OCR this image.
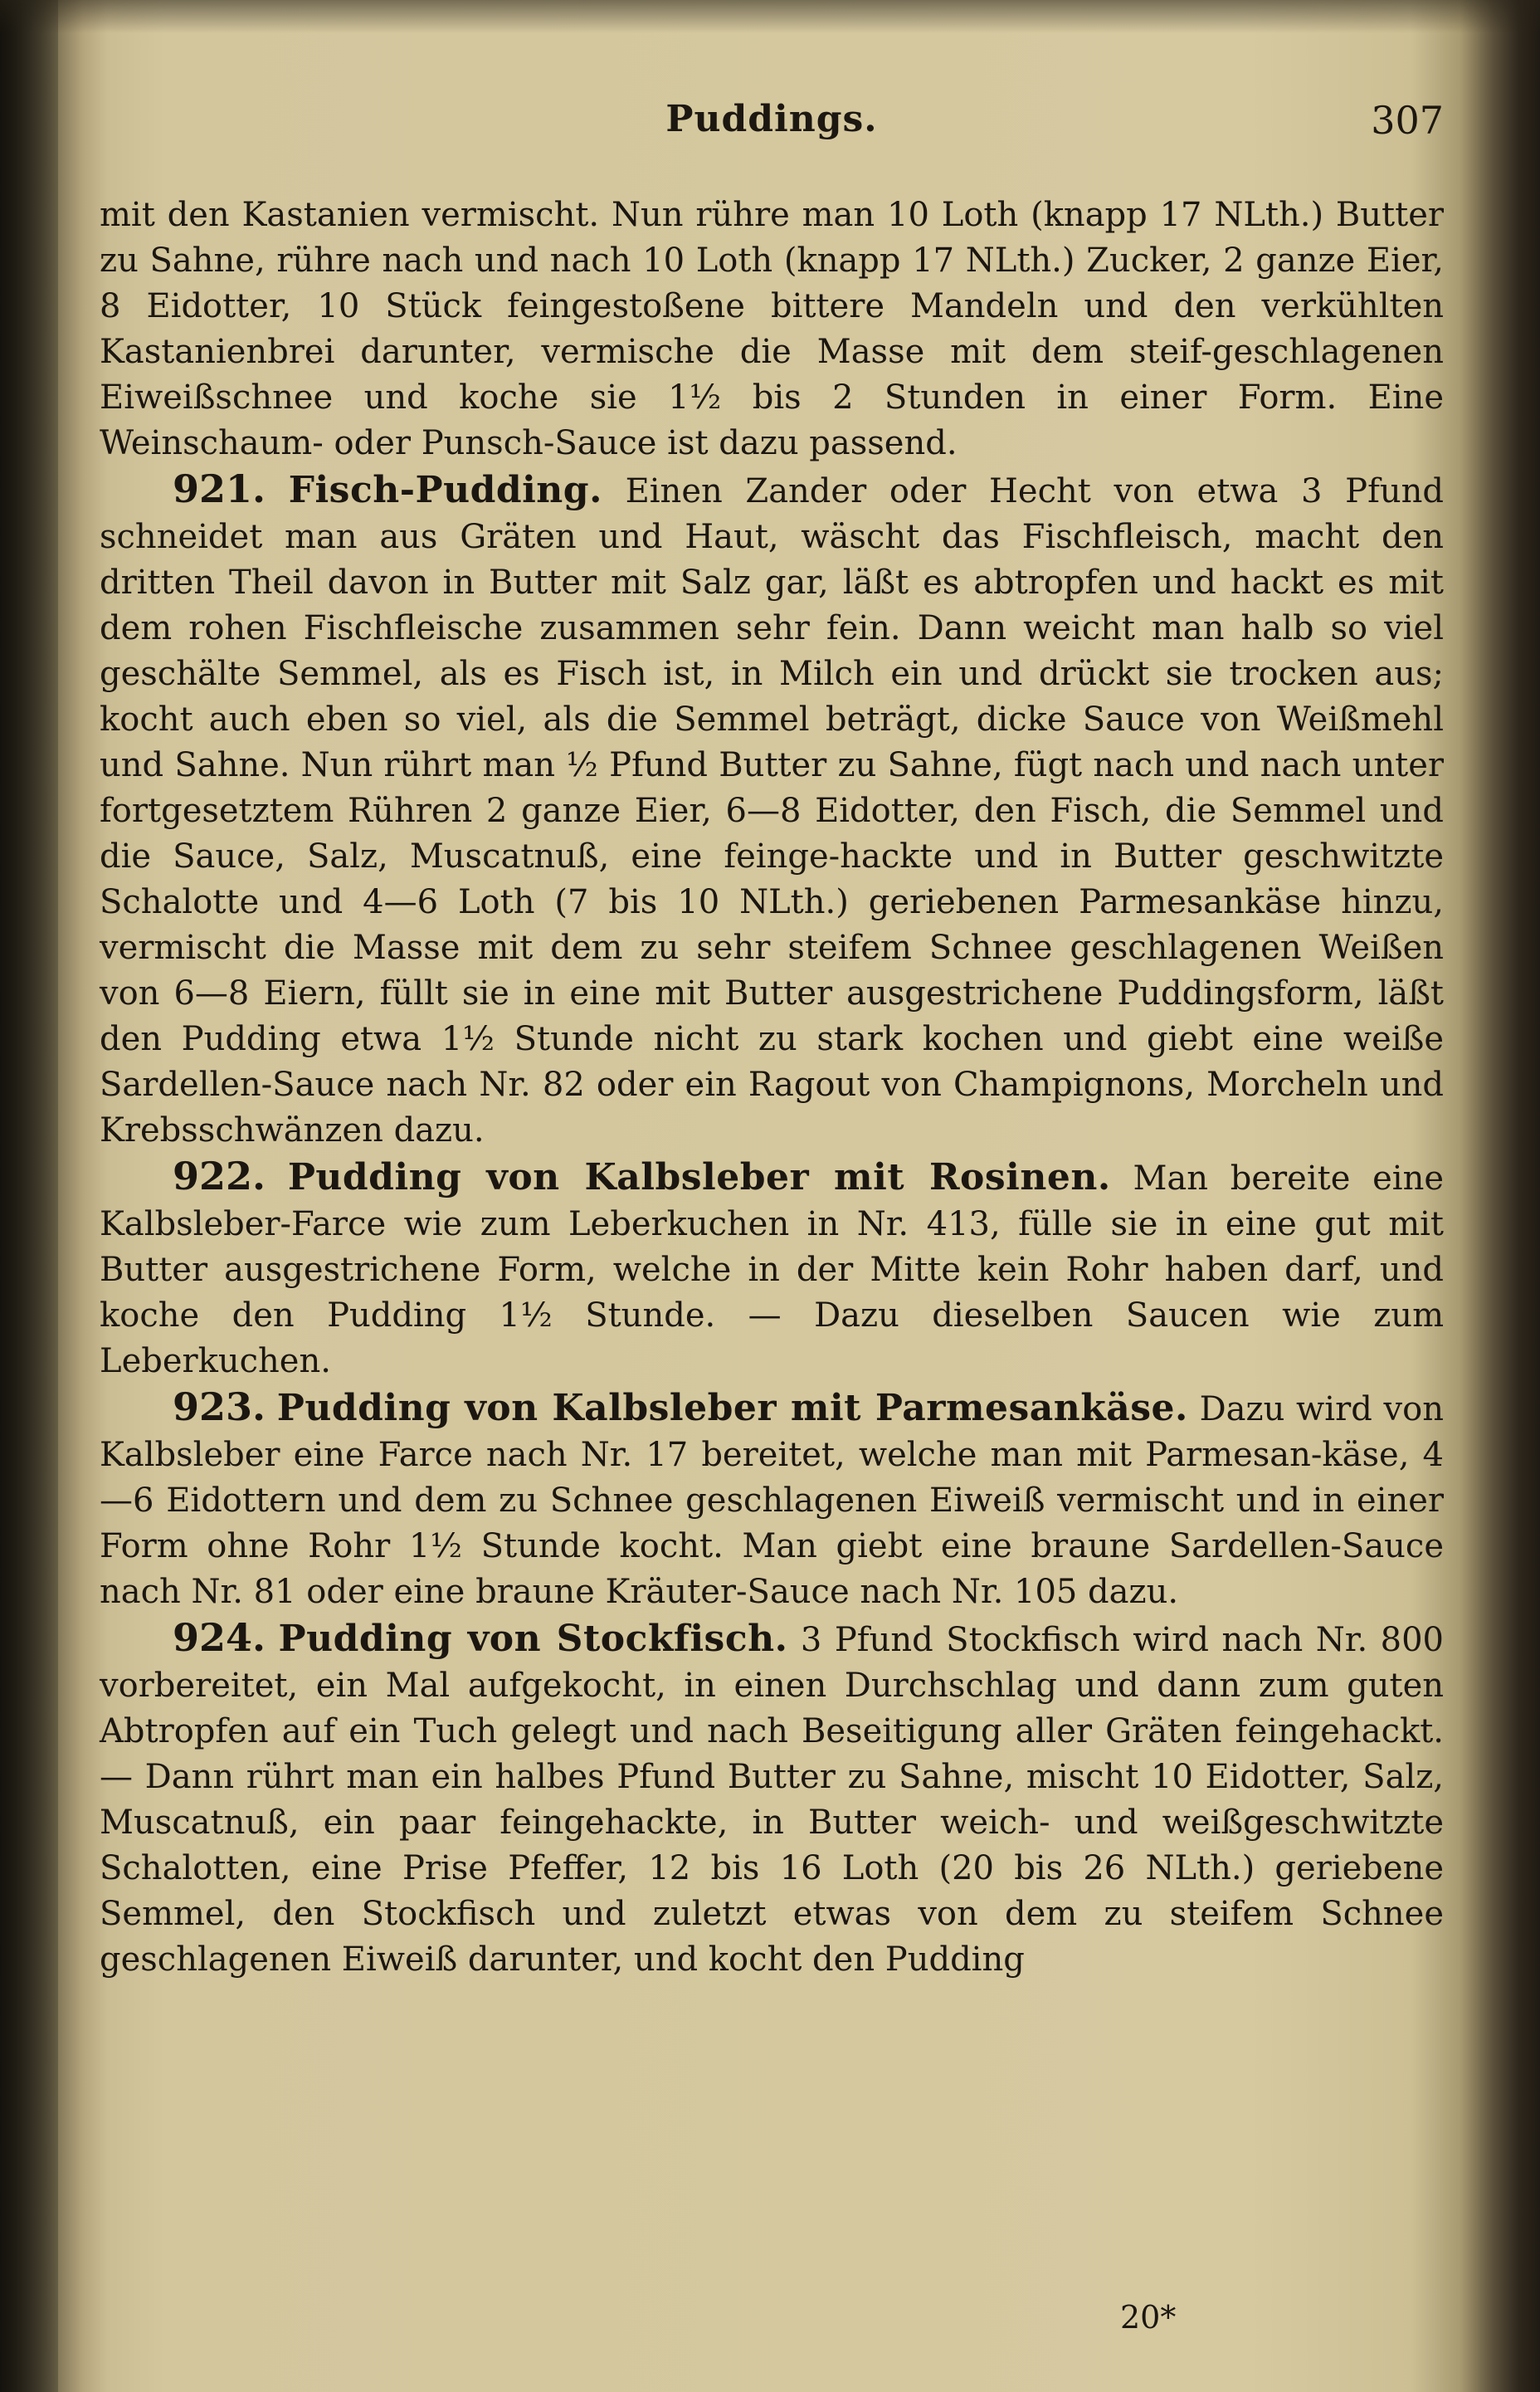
Puddings.	307

mit den Kastanien vermischt. Nun rühre man 10 Loth (knapp 17 NLth.) Butter zu Sahne, rühre nach und nach 10 Loth (knapp 17 NLth.) Zucker, 2 ganze Eier, 8 Eidotter, 10 Stück feingestoßene bittere Mandeln und den verkühlten Kastanienbrei darunter, vermische die Masse mit dem steif-geschlagenen Eiweißschnee und koche sie 1½ bis 2 Stunden in einer Form. Eine Weinschaum- oder Punsch-Sauce ist dazu passend.

921. Fisch-Pudding. Einen Zander oder Hecht von etwa 3 Pfund schneidet man aus Gräten und Haut, wäscht das Fischfleisch, macht den dritten Theil davon in Butter mit Salz gar, läßt es abtropfen und hackt es mit dem rohen Fischfleische zusammen sehr fein. Dann weicht man halb so viel geschälte Semmel, als es Fisch ist, in Milch ein und drückt sie trocken aus; kocht auch eben so viel, als die Semmel beträgt, dicke Sauce von Weißmehl und Sahne. Nun rührt man ½ Pfund Butter zu Sahne, fügt nach und nach unter fortgesetztem Rühren 2 ganze Eier, 6—8 Eidotter, den Fisch, die Semmel und die Sauce, Salz, Muscatnuß, eine feinge-hackte und in Butter geschwitzte Schalotte und 4—6 Loth (7 bis 10 NLth.) geriebenen Parmesankäse hinzu, vermischt die Masse mit dem zu sehr steifem Schnee geschlagenen Weißen von 6—8 Eiern, füllt sie in eine mit Butter ausgestrichene Puddingsform, läßt den Pudding etwa 1½ Stunde nicht zu stark kochen und giebt eine weiße Sardellen-Sauce nach Nr. 82 oder ein Ragout von Champignons, Morcheln und Krebsschwänzen dazu.

922. Pudding von Kalbsleber mit Rosinen. Man bereite eine Kalbsleber-Farce wie zum Leberkuchen in Nr. 413, fülle sie in eine gut mit Butter ausgestrichene Form, welche in der Mitte kein Rohr haben darf, und koche den Pudding 1½ Stunde. — Dazu dieselben Saucen wie zum Leberkuchen.

923. Pudding von Kalbsleber mit Parmesankäse. Dazu wird von Kalbsleber eine Farce nach Nr. 17 bereitet, welche man mit Parmesan-käse, 4—6 Eidottern und dem zu Schnee geschlagenen Eiweiß vermischt und in einer Form ohne Rohr 1½ Stunde kocht. Man giebt eine braune Sardellen-Sauce nach Nr. 81 oder eine braune Kräuter-Sauce nach Nr. 105 dazu.

924. Pudding von Stockfisch. 3 Pfund Stockfisch wird nach Nr. 800 vorbereitet, ein Mal aufgekocht, in einen Durchschlag und dann zum guten Abtropfen auf ein Tuch gelegt und nach Beseitigung aller Gräten feingehackt. — Dann rührt man ein halbes Pfund Butter zu Sahne, mischt 10 Eidotter, Salz, Muscatnuß, ein paar feingehackte, in Butter weich- und weißgeschwitzte Schalotten, eine Prise Pfeffer, 12 bis 16 Loth (20 bis 26 NLth.) geriebene Semmel, den Stockfisch und zuletzt etwas von dem zu steifem Schnee geschlagenen Eiweiß darunter, und kocht den Pudding

20*
